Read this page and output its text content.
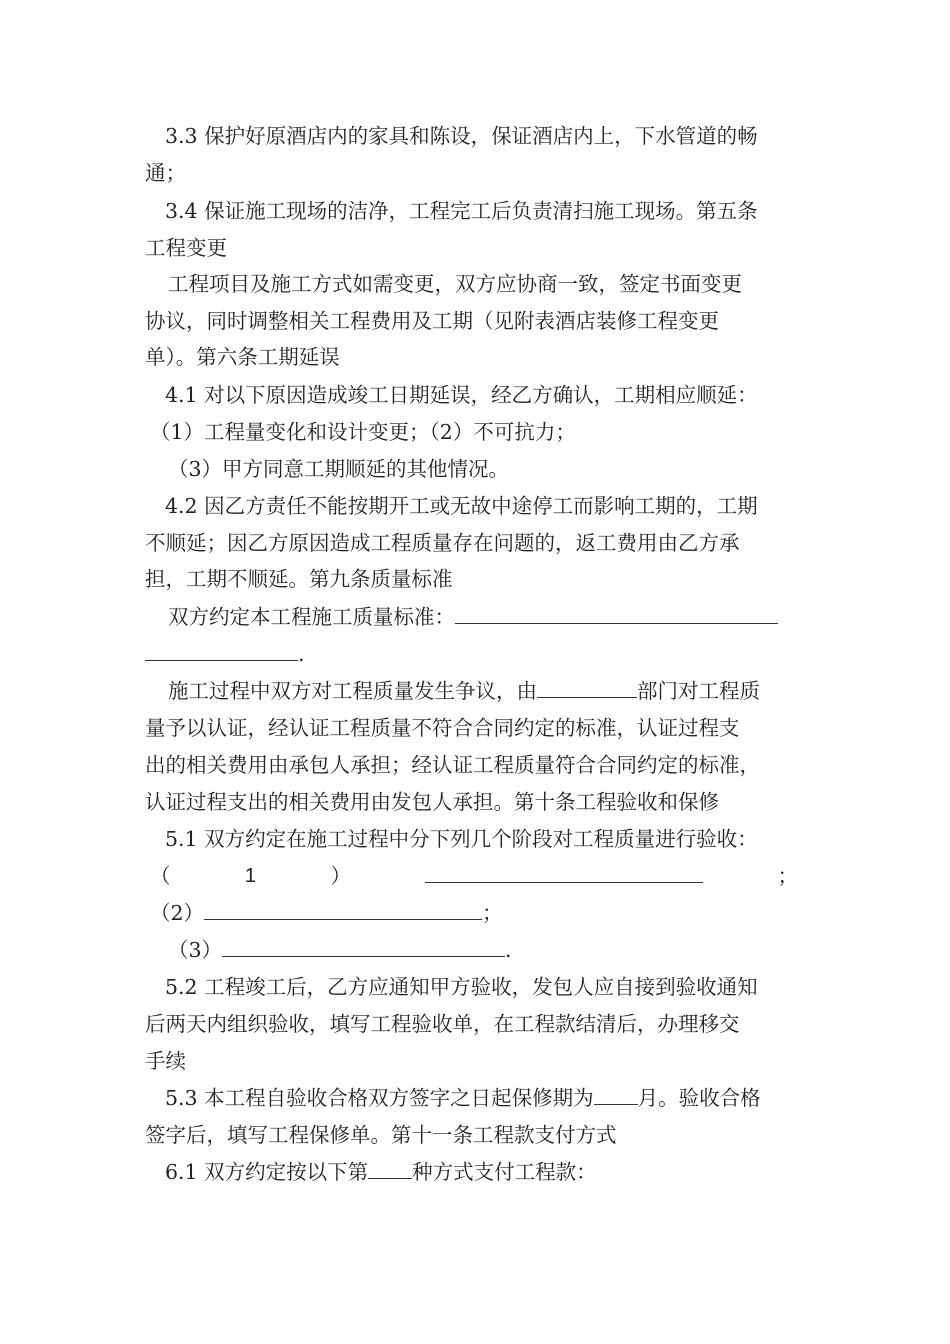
3.3 保护好原酒店内的家具和陈设，保证酒店内上，下水管道的畅
通；
3.4 保证施工现场的洁净，工程完工后负责清扫施工现场。第五条
工程变更
工程项目及施工方式如需变更，双方应协商一致，签定书面变更
协议，同时调整相关工程费用及工期（见附表酒店装修工程变更
单）。第六条工期延误
4.1 对以下原因造成竣工日期延误，经乙方确认，工期相应顺延：
（1）工程量变化和设计变更；（2）不可抗力；
（3）甲方同意工期顺延的其他情况。
4.2 因乙方责任不能按期开工或无故中途停工而影响工期的，工期
不顺延；因乙方原因造成工程质量存在问题的，返工费用由乙方承
担，工期不顺延。第九条质量标准
双方约定本工程施工质量标准：
.
施工过程中双方对工程质量发生争议，由	部门对工程质
量予以认证，经认证工程质量不符合合同约定的标准，认证过程支
出的相关费用由承包人承担；经认证工程质量符合合同约定的标准，
认证过程支出的相关费用由发包人承担。第十条工程验收和保修
5.1 双方约定在施工过程中分下列几个阶段对工程质量进行验收：
（	1	）	；
（2）	；
（3）	.
5.2 工程竣工后，乙方应通知甲方验收，发包人应自接到验收通知
后两天内组织验收，填写工程验收单，在工程款结清后，办理移交
手续
5.3 本工程自验收合格双方签字之日起保修期为 月。验收合格
签字后，填写工程保修单。第十一条工程款支付方式
6.1 双方约定按以下第 种方式支付工程款：
